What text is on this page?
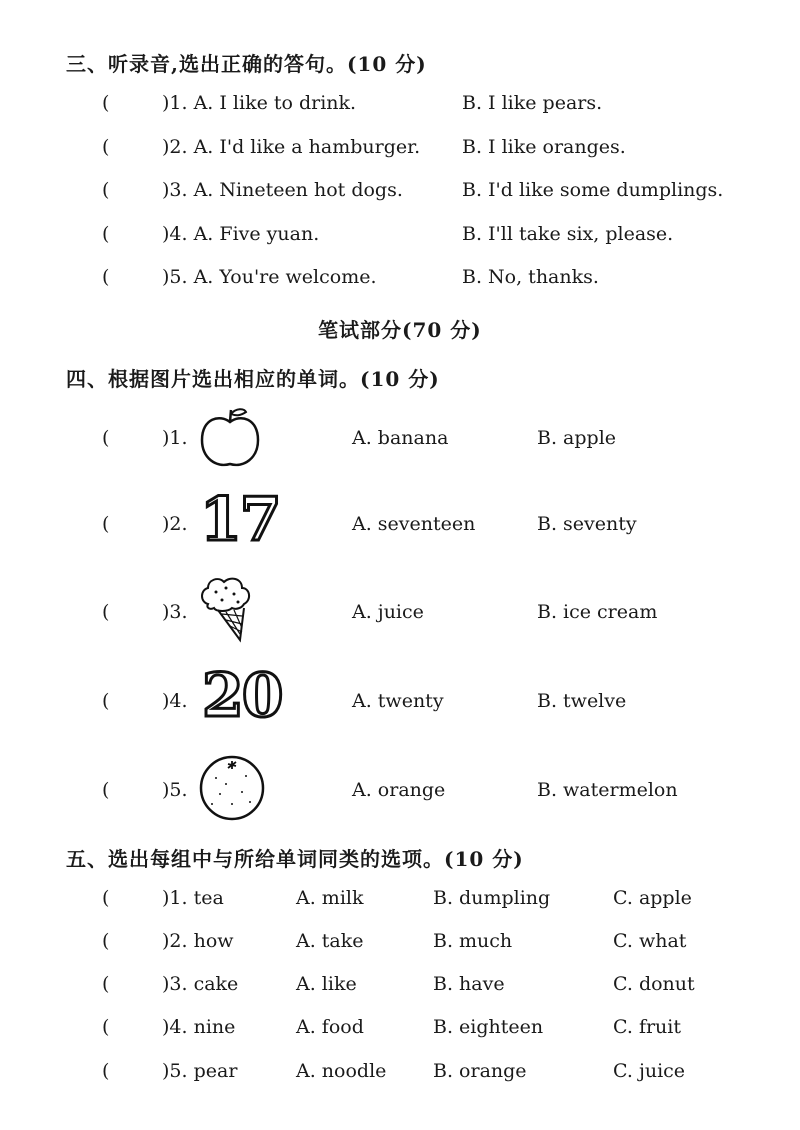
三、听录音,选出正确的答句。(10 分)
(	)1. A. I like to drink.	B. I like pears.
(	)2. A. I'd like a hamburger. B. I like oranges.
(	)3. A. Nineteen hot dogs.	B. I'd like some dumplings.
(	)4. A. Five yuan.	B. I'll take six, please.
(	)5. A. You're welcome.	B. No, thanks.
笔试部分(70 分)
四、根据图片选出相应的单词。(10 分)
(	)1.	A. banana	B. apple
(	)2. 17	A. seventeen	B. seventy
(	)3.	A. juice	B. ice cream
(	)4. 20	A. twenty	B. twelve
(	)5.	A. orange	B. watermelon
五、选出每组中与所给单词同类的选项。(10 分)
(	)1. tea	A. milk	B. dumpling	C. apple
(	)2. how	A. take	B. much	C. what
(	)3. cake	A. like	B. have	C. donut
(	)4. nine	A. food	B. eighteen	C. fruit
(	)5. pear	A. noodle B. orange	C. juice
